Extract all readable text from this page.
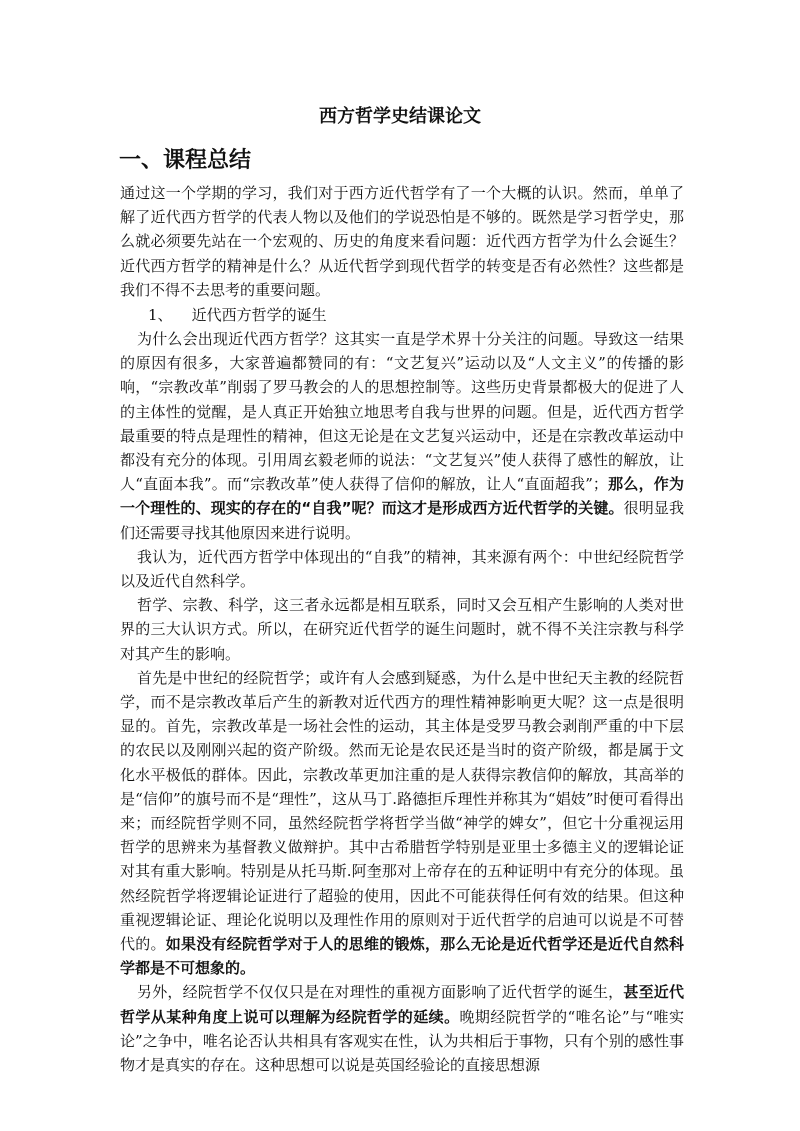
西方哲学史结课论文
一、课程总结
通过这一个学期的学习，我们对于西方近代哲学有了一个大概的认识。然而，单单了解了近代西方哲学的代表人物以及他们的学说恐怕是不够的。既然是学习哲学史，那么就必须要先站在一个宏观的、历史的角度来看问题：近代西方哲学为什么会诞生？近代西方哲学的精神是什么？从近代哲学到现代哲学的转变是否有必然性？这些都是我们不得不去思考的重要问题。
1、 近代西方哲学的诞生

为什么会出现近代西方哲学？这其实一直是学术界十分关注的问题。导致这一结果的原因有很多，大家普遍都赞同的有：“文艺复兴”运动以及“人文主义”的传播的影响，“宗教改革”削弱了罗马教会的人的思想控制等。这些历史背景都极大的促进了人的主体性的觉醒，是人真正开始独立地思考自我与世界的问题。但是，近代西方哲学最重要的特点是理性的精神，但这无论是在文艺复兴运动中，还是在宗教改革运动中都没有充分的体现。引用周玄毅老师的说法：“文艺复兴”使人获得了感性的解放，让人“直面本我”。而“宗教改革”使人获得了信仰的解放，让人“直面超我”；那么，作为一个理性的、现实的存在的“自我”呢？而这才是形成西方近代哲学的关键。很明显我们还需要寻找其他原因来进行说明。

我认为，近代西方哲学中体现出的“自我”的精神，其来源有两个：中世纪经院哲学以及近代自然科学。

哲学、宗教、科学，这三者永远都是相互联系，同时又会互相产生影响的人类对世界的三大认识方式。所以，在研究近代哲学的诞生问题时，就不得不关注宗教与科学对其产生的影响。

首先是中世纪的经院哲学；或许有人会感到疑惑，为什么是中世纪天主教的经院哲学，而不是宗教改革后产生的新教对近代西方的理性精神影响更大呢？这一点是很明显的。首先，宗教改革是一场社会性的运动，其主体是受罗马教会剥削严重的中下层的农民以及刚刚兴起的资产阶级。然而无论是农民还是当时的资产阶级，都是属于文化水平极低的群体。因此，宗教改革更加注重的是人获得宗教信仰的解放，其高举的是“信仰”的旗号而不是“理性”，这从马丁.路德拒斥理性并称其为“娼妓”时便可看得出来；而经院哲学则不同，虽然经院哲学将哲学当做“神学的婢女”，但它十分重视运用哲学的思辨来为基督教义做辩护。其中古希腊哲学特别是亚里士多德主义的逻辑论证对其有重大影响。特别是从托马斯.阿奎那对上帝存在的五种证明中有充分的体现。虽然经院哲学将逻辑论证进行了超验的使用，因此不可能获得任何有效的结果。但这种重视逻辑论证、理论化说明以及理性作用的原则对于近代哲学的启迪可以说是不可替代的。如果没有经院哲学对于人的思维的锻炼，那么无论是近代哲学还是近代自然科学都是不可想象的。

另外，经院哲学不仅仅只是在对理性的重视方面影响了近代哲学的诞生，甚至近代哲学从某种角度上说可以理解为经院哲学的延续。晚期经院哲学的“唯名论”与“唯实论”之争中，唯名论否认共相具有客观实在性，认为共相后于事物，只有个别的感性事物才是真实的存在。这种思想可以说是英国经验论的直接思想源
